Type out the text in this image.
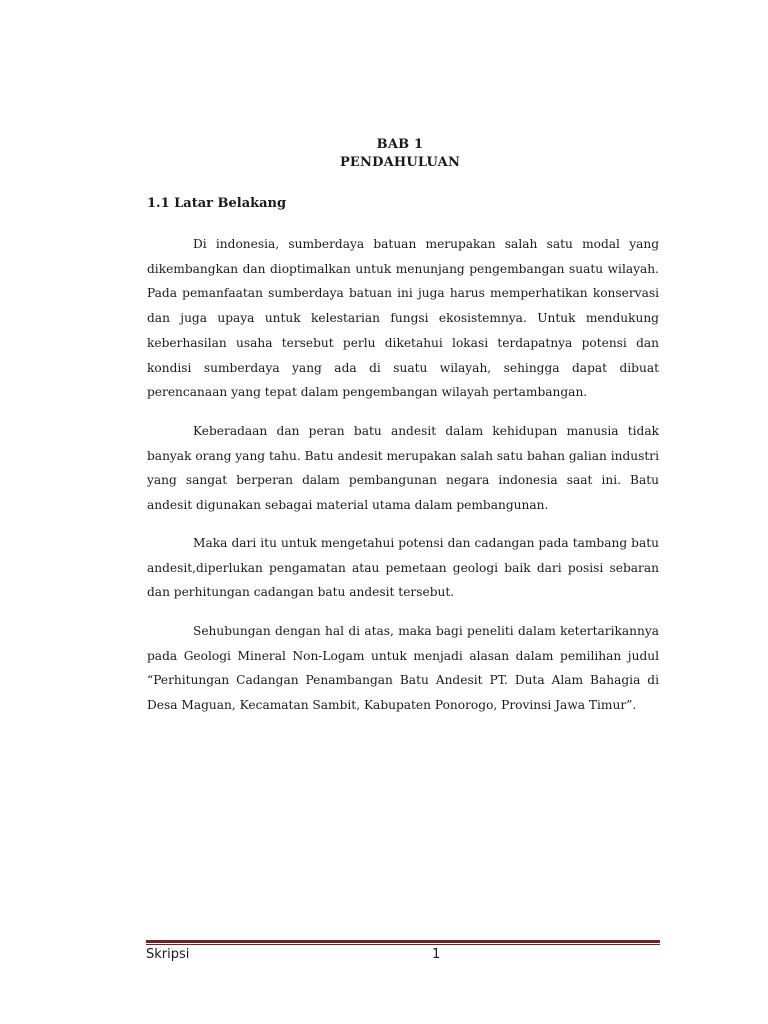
BAB 1
PENDAHULUAN
1.1 Latar Belakang

Di indonesia, sumberdaya batuan merupakan salah satu modal yang dikembangkan dan dioptimalkan untuk menunjang pengembangan suatu wilayah. Pada pemanfaatan sumberdaya batuan ini juga harus memperhatikan konservasi dan juga upaya untuk kelestarian fungsi ekosistemnya. Untuk mendukung keberhasilan usaha tersebut perlu diketahui lokasi terdapatnya potensi dan kondisi sumberdaya yang ada di suatu wilayah, sehingga dapat dibuat perencanaan yang tepat dalam pengembangan wilayah pertambangan.

Keberadaan dan peran batu andesit dalam kehidupan manusia tidak banyak orang yang tahu. Batu andesit merupakan salah satu bahan galian industri yang sangat berperan dalam pembangunan negara indonesia saat ini. Batu andesit digunakan sebagai material utama dalam pembangunan.

Maka dari itu untuk mengetahui potensi dan cadangan pada tambang batu andesit,diperlukan pengamatan atau pemetaan geologi baik dari posisi sebaran dan perhitungan cadangan batu andesit tersebut.

Sehubungan dengan hal di atas, maka bagi peneliti dalam ketertarikannya pada Geologi Mineral Non-Logam untuk menjadi alasan dalam pemilihan judul “Perhitungan Cadangan Penambangan Batu Andesit PT. Duta Alam Bahagia di Desa Maguan, Kecamatan Sambit, Kabupaten Ponorogo, Provinsi Jawa Timur”.

Skripsi	1
